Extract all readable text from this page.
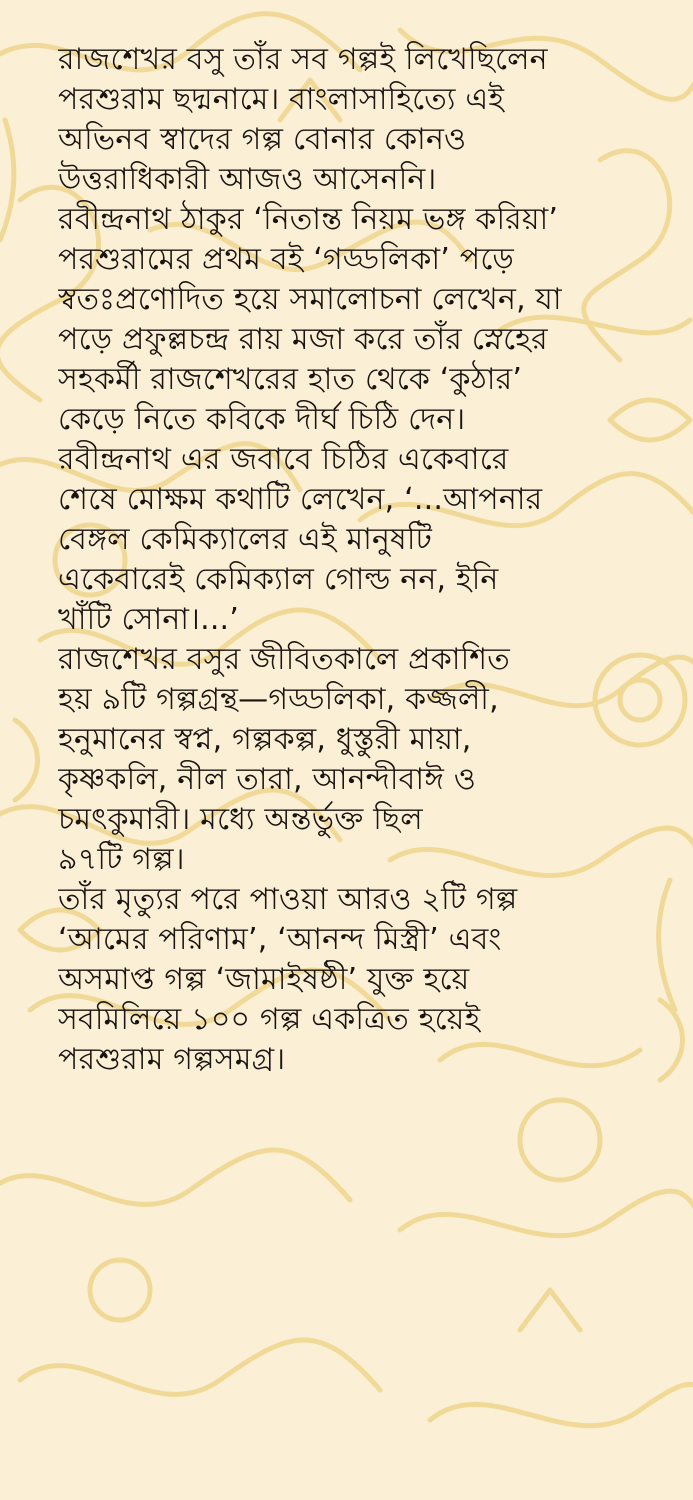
রাজশেখর বসু তাঁর সব গল্পই লিখেছিলেন
পরশুরাম ছদ্মনামে। বাংলাসাহিত্যে এই
অভিনব স্বাদের গল্প বোনার কোনও
উত্তরাধিকারী আজও আসেননি।
রবীন্দ্রনাথ ঠাকুর ‘নিতান্ত নিয়ম ভঙ্গ করিয়া’
পরশুরামের প্রথম বই ‘গড্ডলিকা’ পড়ে
স্বতঃপ্রণোদিত হয়ে সমালোচনা লেখেন, যা
পড়ে প্রফুল্লচন্দ্র রায় মজা করে তাঁর স্নেহের
সহকর্মী রাজশেখরের হাত থেকে ‘কুঠার’
কেড়ে নিতে কবিকে দীর্ঘ চিঠি দেন।
রবীন্দ্রনাথ এর জবাবে চিঠির একেবারে
শেষে মোক্ষম কথাটি লেখেন, ‘...আপনার
বেঙ্গল কেমিক্যালের এই মানুষটি
একেবারেই কেমিক্যাল গোল্ড নন, ইনি
খাঁটি সোনা।...’
রাজশেখর বসুর জীবিতকালে প্রকাশিত
হয় ৯টি গল্পগ্রন্থ—গড্ডলিকা, কজ্জলী,
হনুমানের স্বপ্ন, গল্পকল্প, ধুস্তুরী মায়া,
কৃষ্ণকলি, নীল তারা, আনন্দীবাঈ ও
চমৎকুমারী। মধ্যে অন্তর্ভুক্ত ছিল
৯৭টি গল্প।
তাঁর মৃত্যুর পরে পাওয়া আরও ২টি গল্প
‘আমের পরিণাম’, ‘আনন্দ মিস্ত্রী’ এবং
অসমাপ্ত গল্প ‘জামাইষষ্ঠী’ যুক্ত হয়ে
সবমিলিয়ে ১০০ গল্প একত্রিত হয়েই
পরশুরাম গল্পসমগ্র।
